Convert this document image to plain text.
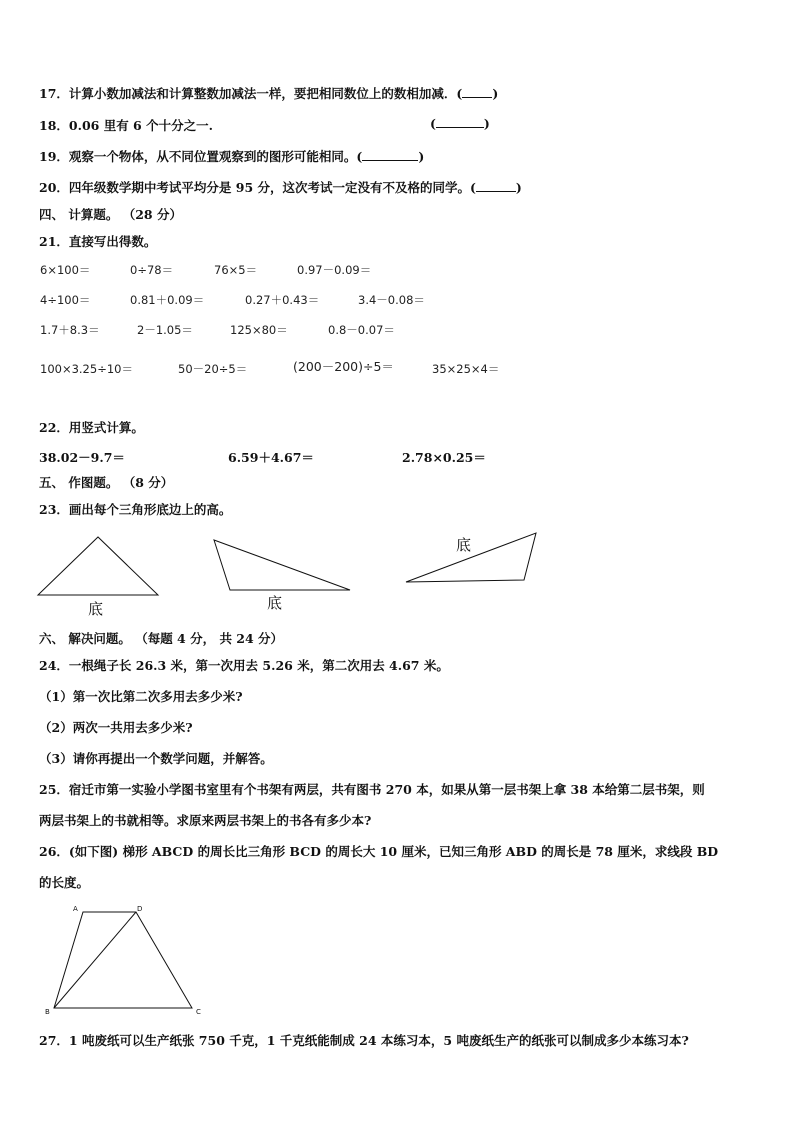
17．计算小数加减法和计算整数加减法一样，要把相同数位上的数相加减．( )
18．0.06 里有 6 个十分之一.	(	)
19．观察一个物体，从不同位置观察到的图形可能相同。(	)
20．四年级数学期中考试平均分是 95 分，这次考试一定没有不及格的同学。(	)
四、 计算题。 （28 分）
21．直接写出得数。
6×100＝	0÷78＝	76×5＝	0.97－0.09＝
4÷100＝	0.81＋0.09＝	0.27＋0.43＝	3.4－0.08＝
1.7＋8.3＝	2－1.05＝	125×80＝	0.8－0.07＝
100×3.25÷10＝	50－20÷5＝	(200－200)÷5＝	35×25×4＝
22．用竖式计算。
38.02－9.7＝	6.59＋4.67＝	2.78×0.25＝
五、 作图题。 （8 分）
23．画出每个三角形底边上的高。
底	底
底
六、 解决问题。 （每题 4 分， 共 24 分）
24．一根绳子长 26.3 米，第一次用去 5.26 米，第二次用去 4.67 米。
（1）第一次比第二次多用去多少米?
（2）两次一共用去多少米?
（3）请你再提出一个数学问题，并解答。
25．宿迁市第一实验小学图书室里有个书架有两层，共有图书 270 本，如果从第一层书架上拿 38 本给第二层书架，则
两层书架上的书就相等。求原来两层书架上的书各有多少本?
26．(如下图) 梯形 ABCD 的周长比三角形 BCD 的周长大 10 厘米，已知三角形 ABD 的周长是 78 厘米，求线段 BD
的长度。
A	D
B	C
27．1 吨废纸可以生产纸张 750 千克，1 千克纸能制成 24 本练习本，5 吨废纸生产的纸张可以制成多少本练习本?
